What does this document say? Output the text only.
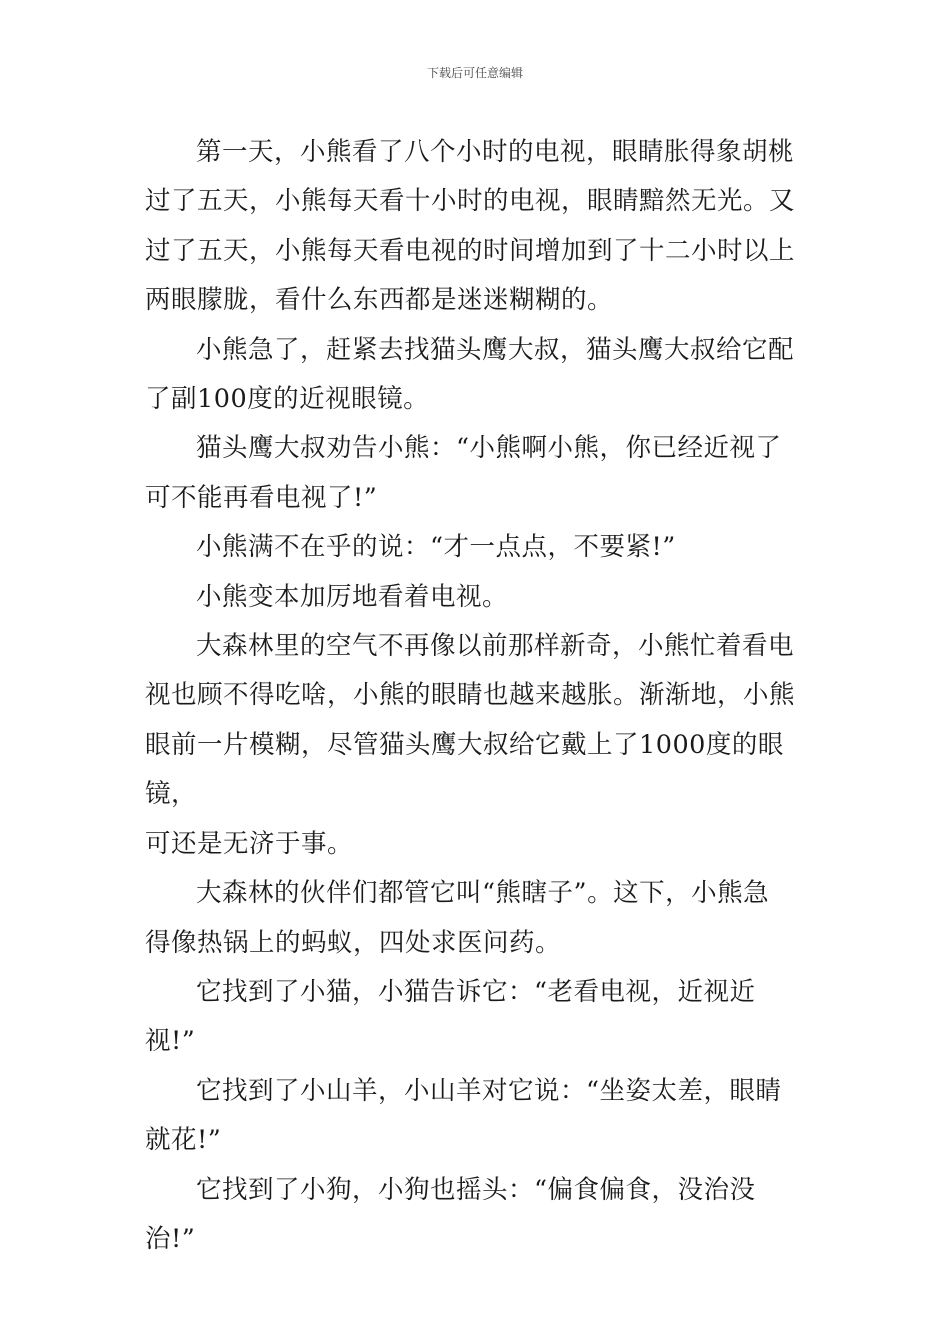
下载后可任意编辑

第一天，小熊看了八个小时的电视，眼睛胀得象胡桃
过了五天，小熊每天看十小时的电视，眼睛黯然无光。又
过了五天，小熊每天看电视的时间增加到了十二小时以上
两眼朦胧，看什么东西都是迷迷糊糊的。

小熊急了，赶紧去找猫头鹰大叔，猫头鹰大叔给它配
了副100度的近视眼镜。

猫头鹰大叔劝告小熊：“小熊啊小熊，你已经近视了
可不能再看电视了!”

小熊满不在乎的说：“才一点点，不要紧!”

小熊变本加厉地看着电视。

大森林里的空气不再像以前那样新奇，小熊忙着看电
视也顾不得吃啥，小熊的眼睛也越来越胀。渐渐地，小熊
眼前一片模糊，尽管猫头鹰大叔给它戴上了1000度的眼镜，
可还是无济于事。

大森林的伙伴们都管它叫“熊瞎子”。这下，小熊急
得像热锅上的蚂蚁，四处求医问药。

它找到了小猫，小猫告诉它：“老看电视，近视近
视!”

它找到了小山羊，小山羊对它说：“坐姿太差，眼睛
就花!”

它找到了小狗，小狗也摇头：“偏食偏食，没治没
治!”
